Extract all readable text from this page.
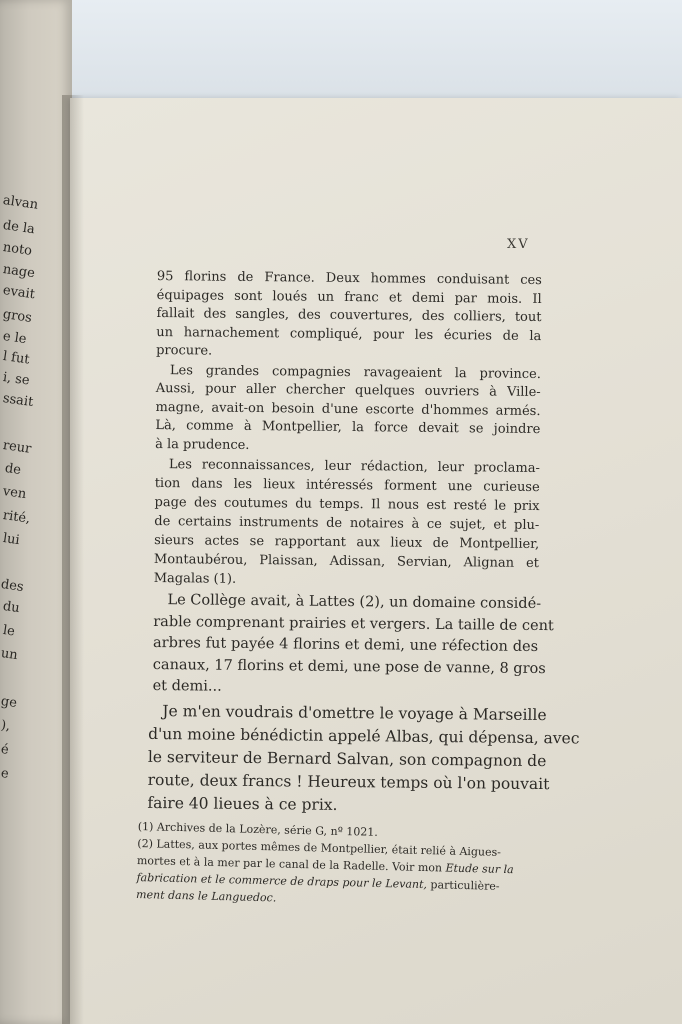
alvan
de la
noto
nage
evait
gros
e le
l fut
i, se
ssait
reur
de
ven
rité,
lui
des
du
le
un
ge
),
é
e
XV

95 florins de France. Deux hommes conduisant ces
équipages sont loués un franc et demi par mois. Il
fallait des sangles, des couvertures, des colliers, tout
un harnachement compliqué, pour les écuries de la
procure.

Les grandes compagnies ravageaient la province.
Aussi, pour aller chercher quelques ouvriers à Ville-
magne, avait-on besoin d'une escorte d'hommes armés.
Là, comme à Montpellier, la force devait se joindre
à la prudence.

Les reconnaissances, leur rédaction, leur proclama-
tion dans les lieux intéressés forment une curieuse
page des coutumes du temps. Il nous est resté le prix
de certains instruments de notaires à ce sujet, et plu-
sieurs actes se rapportant aux lieux de Montpellier,
Montaubérou, Plaissan, Adissan, Servian, Alignan et
Magalas (1).

Le Collège avait, à Lattes (2), un domaine considé-
rable comprenant prairies et vergers. La taille de cent
arbres fut payée 4 florins et demi, une réfection des
canaux, 17 florins et demi, une pose de vanne, 8 gros
et demi...

Je m'en voudrais d'omettre le voyage à Marseille
d'un moine bénédictin appelé Albas, qui dépensa, avec
le serviteur de Bernard Salvan, son compagnon de
route, deux francs ! Heureux temps où l'on pouvait
faire 40 lieues à ce prix.

(1) Archives de la Lozère, série G, nº 1021.
(2) Lattes, aux portes mêmes de Montpellier, était relié à Aigues-
mortes et à la mer par le canal de la Radelle. Voir mon Etude sur la
fabrication et le commerce de draps pour le Levant, particulière-
ment dans le Languedoc.
